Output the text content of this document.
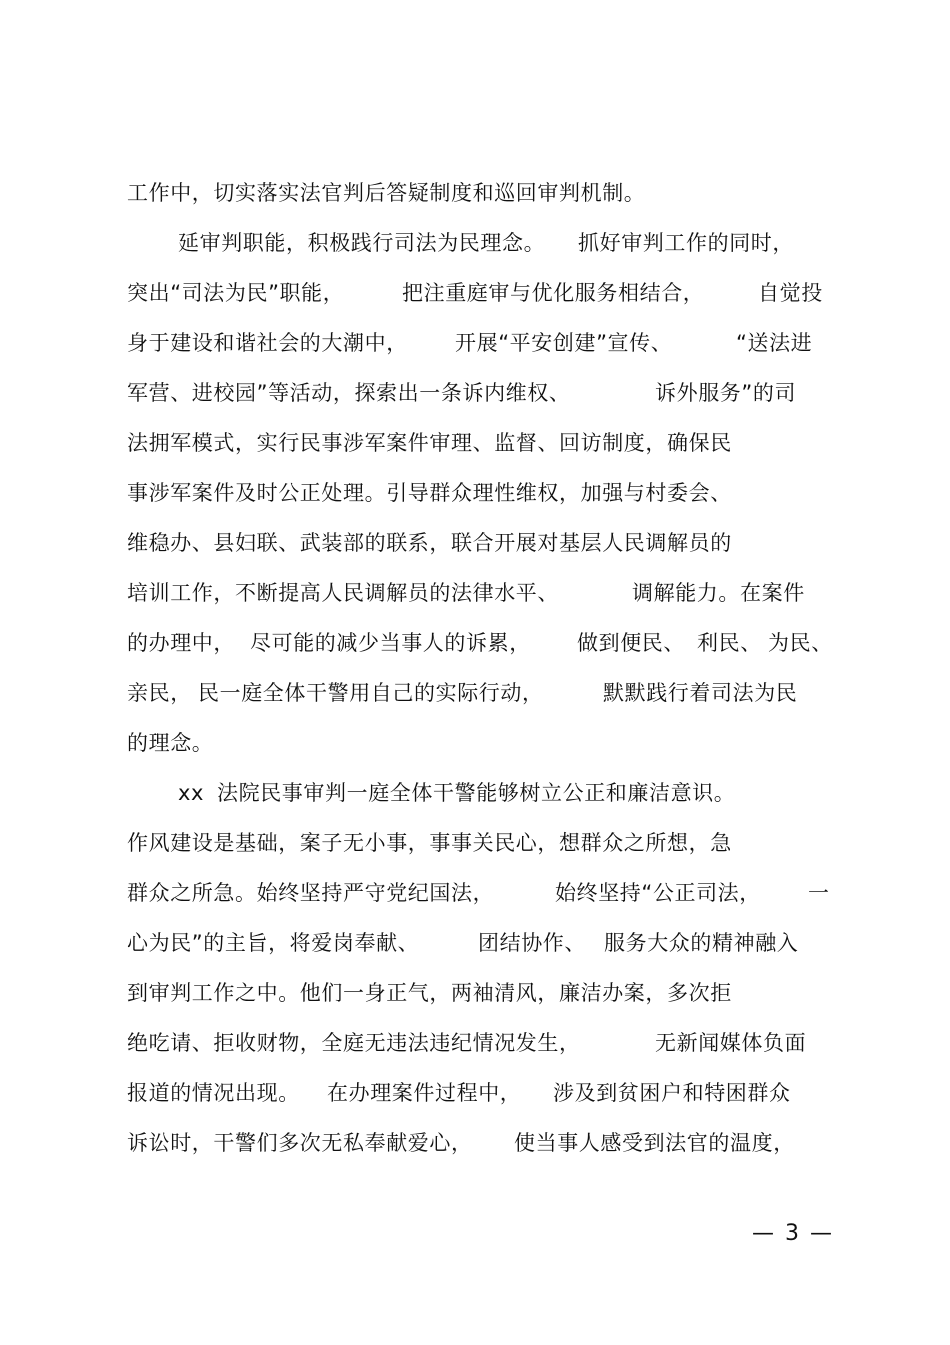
工作中，切实落实法官判后答疑制度和巡回审判机制。

延审判职能，积极践行司法为民理念。

抓好审判工作的同时，

突出“司法为民”职能，

	把注重庭审与优化服务相结合，

	自觉投

身于建设和谐社会的大潮中，

开展“平安创建”宣传、

	“送法进

军营、进校园”等活动，探索出一条诉内维权、

	诉外服务”的司

法拥军模式，实行民事涉军案件审理、监督、回访制度，确保民

事涉军案件及时公正处理。引导群众理性维权，加强与村委会、

维稳办、县妇联、武装部的联系，联合开展对基层人民调解员的

培训工作，不断提高人民调解员的法律水平、

	调解能力。在案件

的办理中，

尽可能的减少当事人的诉累，

做到便民、

利民、

为民、

亲民，

民一庭全体干警用自己的实际行动，

	默默践行着司法为民

的理念。

xx

法院民事审判一庭全体干警能够树立公正和廉洁意识。

作风建设是基础，案子无小事，事事关民心，想群众之所想，急

群众之所急。始终坚持严守党纪国法，

	始终坚持“公正司法，

一

心为民”的主旨，将爱岗奉献、

	团结协作、

服务大众的精神融入

到审判工作之中。他们一身正气，两袖清风，廉洁办案，多次拒

绝吃请、拒收财物，全庭无违法违纪情况发生，

	无新闻媒体负面

报道的情况出现。

在办理案件过程中，

涉及到贫困户和特困群众

诉讼时，干警们多次无私奉献爱心，

使当事人感受到法官的温度，

— 3 —
